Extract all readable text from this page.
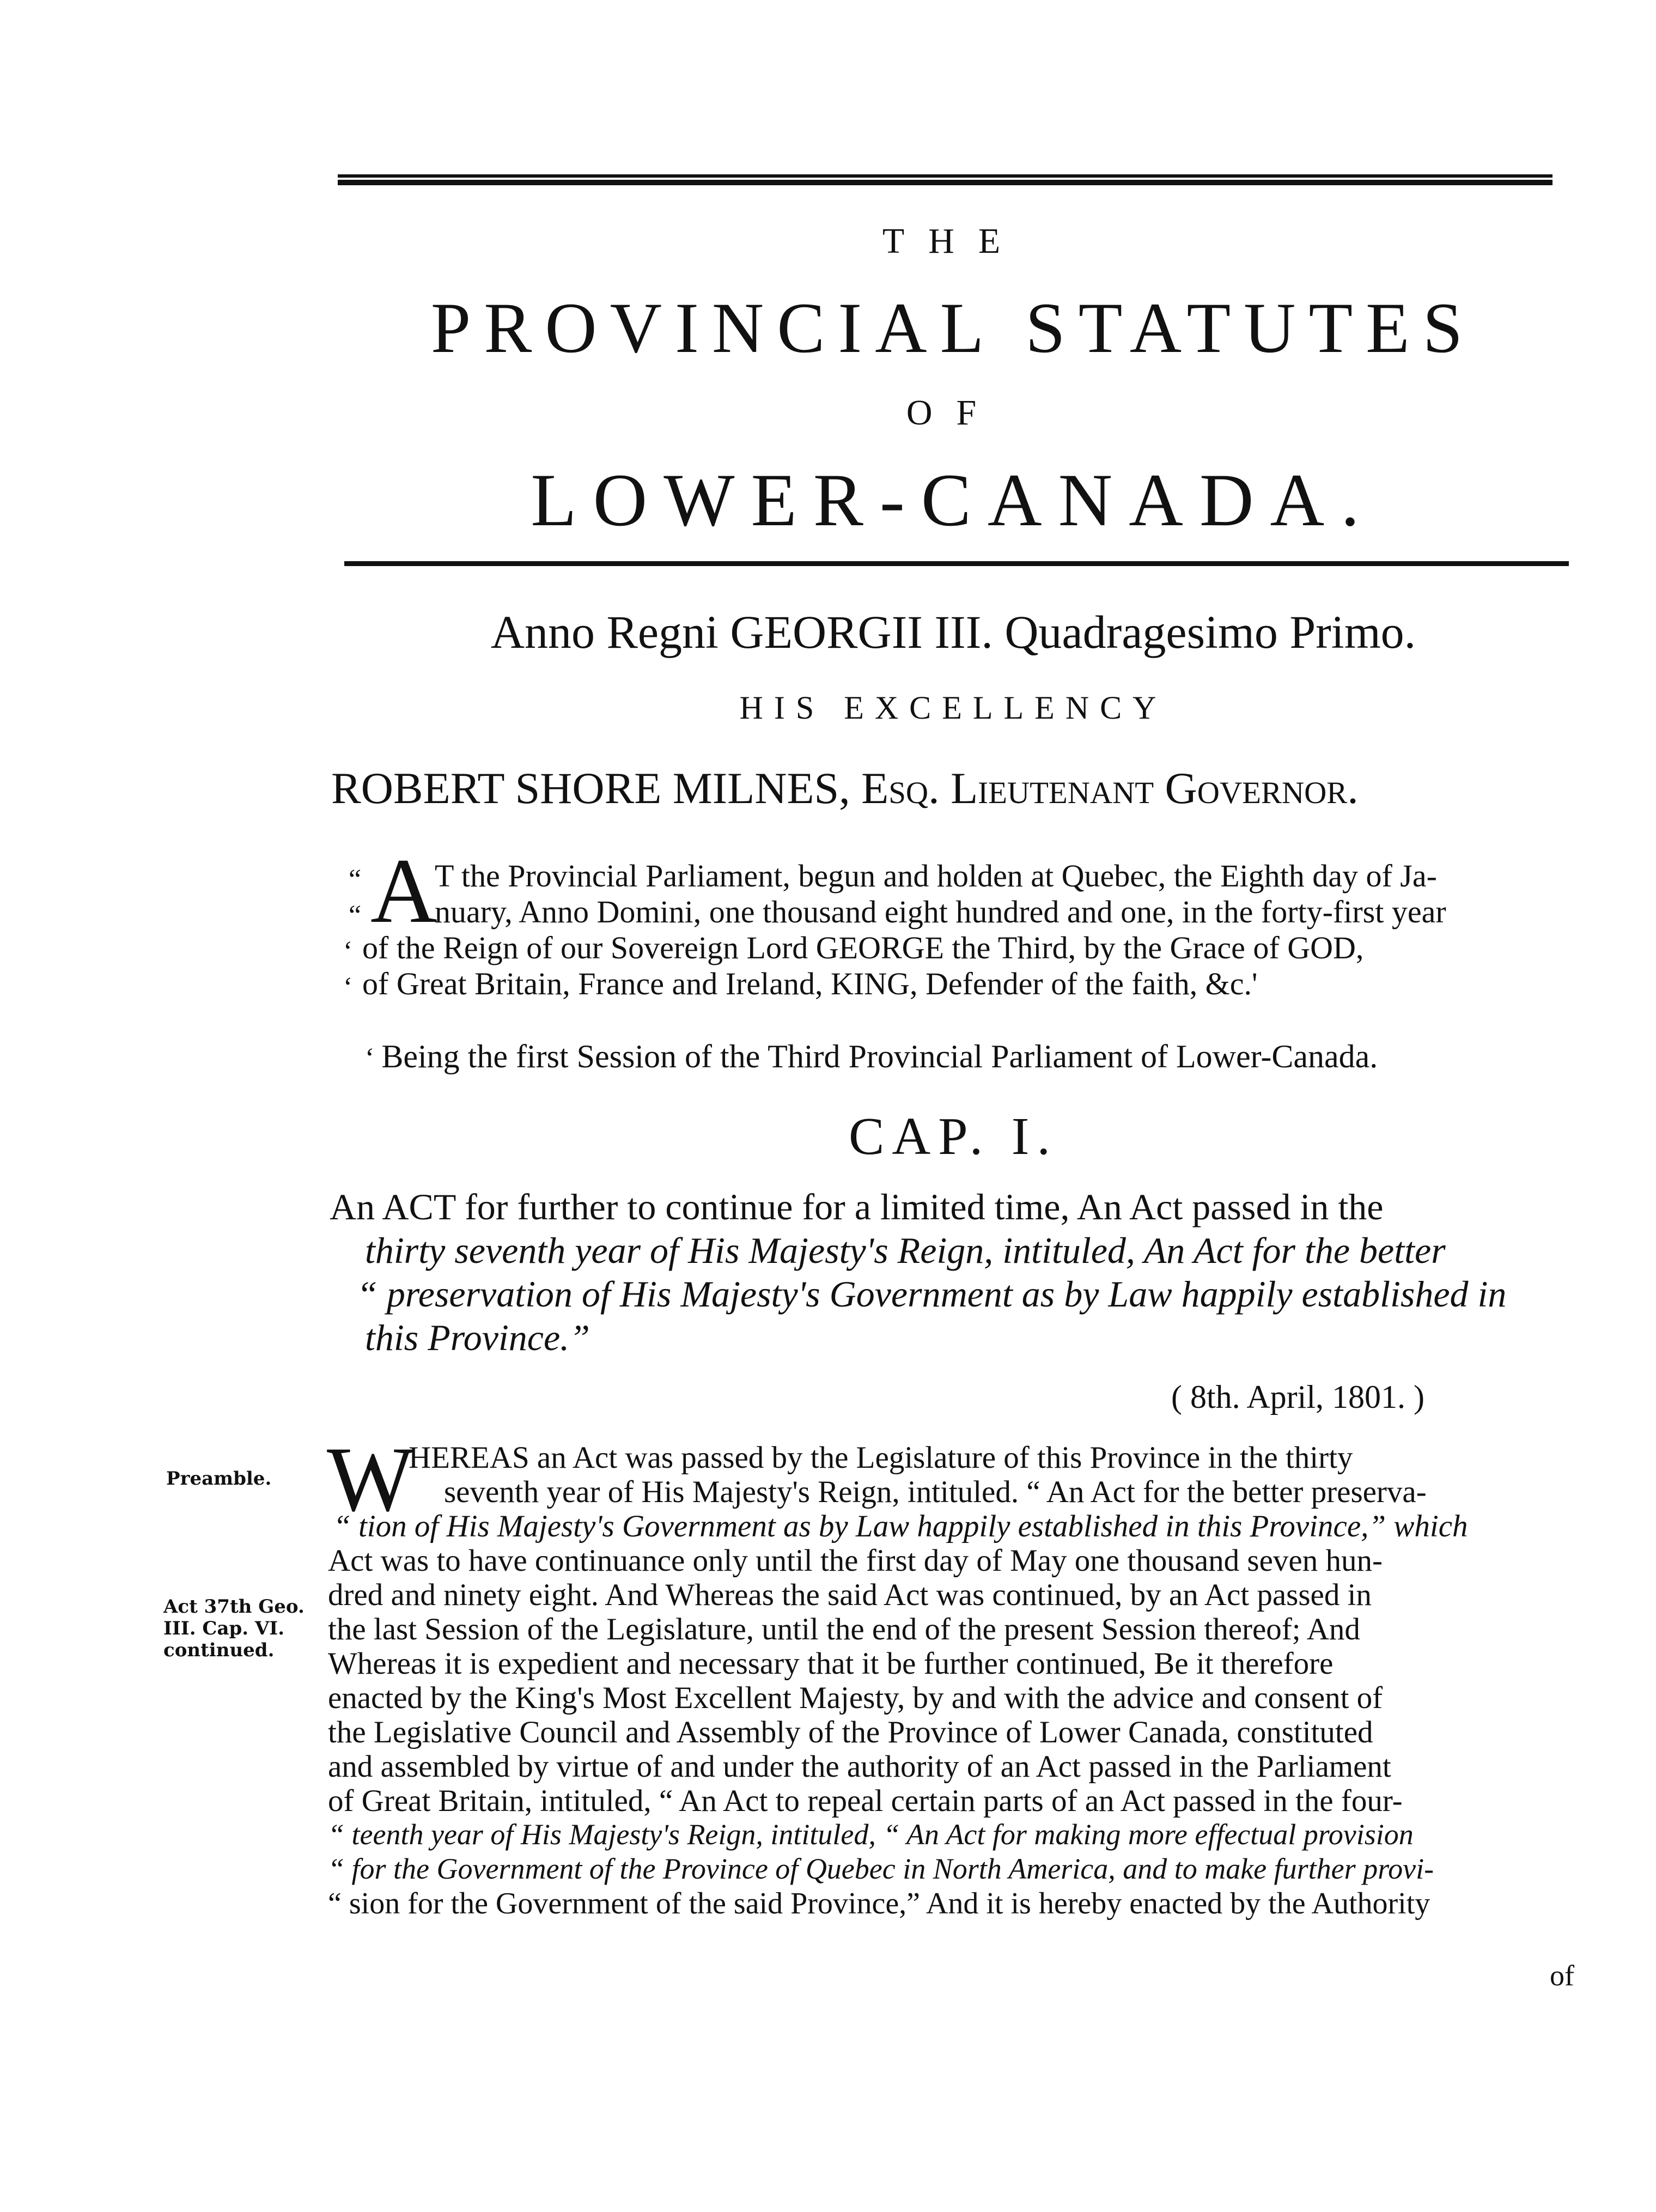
THE
PROVINCIAL STATUTES
OF
LOWER-CANADA.
Anno Regni GEORGII III. Quadragesimo Primo.
HIS EXCELLENCY
ROBERT SHORE MILNES, Esq. Lieutenant Governor.
A
“
“
‘
‘
T the Provincial Parliament, begun and holden at Quebec, the Eighth day of Ja-
nuary, Anno Domini, one thousand eight hundred and one, in the forty-first year
of the Reign of our Sovereign Lord GEORGE the Third, by the Grace of GOD,
of Great Britain, France and Ireland, KING, Defender of the faith, &c.'
‘ Being the first Session of the Third Provincial Parliament of Lower-Canada.
CAP. I.
An ACT for further to continue for a limited time, An Act passed in the
thirty seventh year of His Majesty's Reign, intituled, An Act for the better
“ preservation of His Majesty's Government as by Law happily established in
this Province.”
( 8th. April, 1801. )
Preamble.
Act 37th Geo.
III. Cap. VI.
continued.
W
HEREAS an Act was passed by the Legislature of this Province in the thirty
seventh year of His Majesty's Reign, intituled. “ An Act for the better preserva-
“ tion of His Majesty's Government as by Law happily established in this Province,” which
Act was to have continuance only until the first day of May one thousand seven hun-
dred and ninety eight. And Whereas the said Act was continued, by an Act passed in
the last Session of the Legislature, until the end of the present Session thereof; And
Whereas it is expedient and necessary that it be further continued, Be it therefore
enacted by the King's Most Excellent Majesty, by and with the advice and consent of
the Legislative Council and Assembly of the Province of Lower Canada, constituted
and assembled by virtue of and under the authority of an Act passed in the Parliament
of Great Britain, intituled, “ An Act to repeal certain parts of an Act passed in the four-
“ teenth year of His Majesty's Reign, intituled, “ An Act for making more effectual provision
“ for the Government of the Province of Quebec in North America, and to make further provi-
“ sion for the Government of the said Province,” And it is hereby enacted by the Authority
of
